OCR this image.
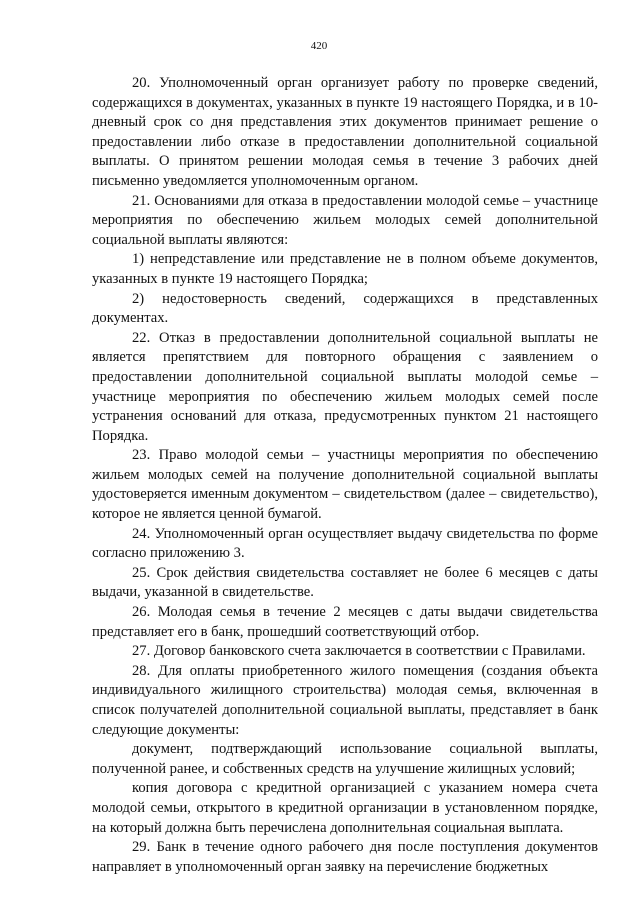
420

20. Уполномоченный орган организует работу по проверке сведений, содержащихся в документах, указанных в пункте 19 настоящего Порядка, и в 10-дневный срок со дня представления этих документов принимает решение о предоставлении либо отказе в предоставлении дополнительной социальной выплаты. О принятом решении молодая семья в течение 3 рабочих дней письменно уведомляется уполномоченным органом.

21. Основаниями для отказа в предоставлении молодой семье – участнице мероприятия по обеспечению жильем молодых семей дополнительной социальной выплаты являются:

1) непредставление или представление не в полном объеме документов, указанных в пункте 19 настоящего Порядка;

2) недостоверность сведений, содержащихся в представленных документах.

22. Отказ в предоставлении дополнительной социальной выплаты не является препятствием для повторного обращения с заявлением о предоставлении дополнительной социальной выплаты молодой семье – участнице мероприятия по обеспечению жильем молодых семей после устранения оснований для отказа, предусмотренных пунктом 21 настоящего Порядка.

23. Право молодой семьи – участницы мероприятия по обеспечению жильем молодых семей на получение дополнительной социальной выплаты удостоверяется именным документом – свидетельством (далее – свидетельство), которое не является ценной бумагой.

24. Уполномоченный орган осуществляет выдачу свидетельства по форме согласно приложению 3.

25. Срок действия свидетельства составляет не более 6 месяцев с даты выдачи, указанной в свидетельстве.

26. Молодая семья в течение 2 месяцев с даты выдачи свидетельства представляет его в банк, прошедший соответствующий отбор.

27. Договор банковского счета заключается в соответствии с Правилами.

28. Для оплаты приобретенного жилого помещения (создания объекта индивидуального жилищного строительства) молодая семья, включенная в список получателей дополнительной социальной выплаты, представляет в банк следующие документы:

документ, подтверждающий использование социальной выплаты, полученной ранее, и собственных средств на улучшение жилищных условий;

копия договора с кредитной организацией с указанием номера счета молодой семьи, открытого в кредитной организации в установленном порядке, на который должна быть перечислена дополнительная социальная выплата.

29. Банк в течение одного рабочего дня после поступления документов направляет в уполномоченный орган заявку на перечисление бюджетных
